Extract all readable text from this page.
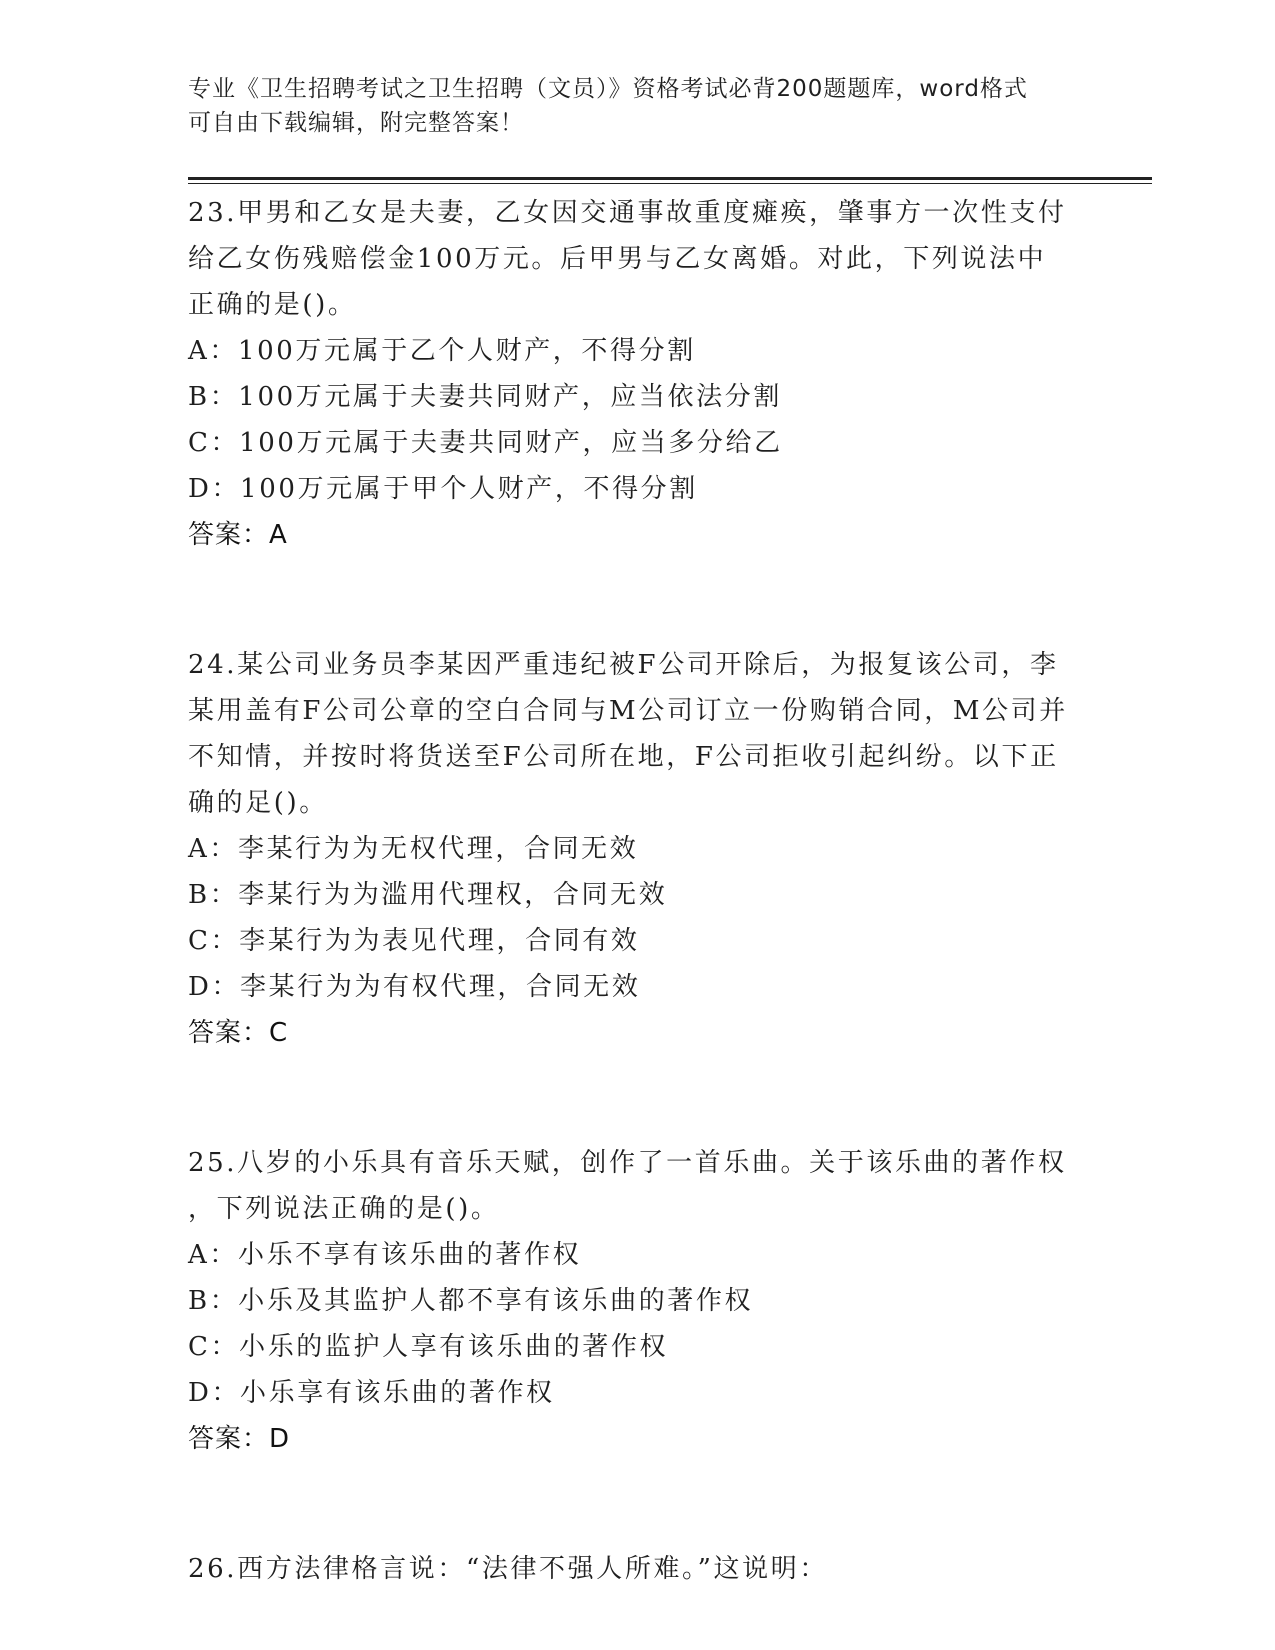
专业《卫生招聘考试之卫生招聘（文员）》资格考试必背200题题库，word格式
可自由下载编辑，附完整答案！
23.甲男和乙女是夫妻，乙女因交通事故重度瘫痪，肇事方一次性支付
给乙女伤残赔偿金100万元。后甲男与乙女离婚。对此，下列说法中
正确的是()。
A：100万元属于乙个人财产，不得分割
B：100万元属于夫妻共同财产，应当依法分割
C：100万元属于夫妻共同财产，应当多分给乙
D：100万元属于甲个人财产，不得分割
答案：A
24.某公司业务员李某因严重违纪被F公司开除后，为报复该公司，李
某用盖有F公司公章的空白合同与M公司订立一份购销合同，M公司并
不知情，并按时将货送至F公司所在地，F公司拒收引起纠纷。以下正
确的足()。
A：李某行为为无权代理，合同无效
B：李某行为为滥用代理权，合同无效
C：李某行为为表见代理，合同有效
D：李某行为为有权代理，合同无效
答案：C
25.八岁的小乐具有音乐天赋，创作了一首乐曲。关于该乐曲的著作权
，下列说法正确的是()。
A：小乐不享有该乐曲的著作权
B：小乐及其监护人都不享有该乐曲的著作权
C：小乐的监护人享有该乐曲的著作权
D：小乐享有该乐曲的著作权
答案：D
26.西方法律格言说：“法律不强人所难。”这说明：
